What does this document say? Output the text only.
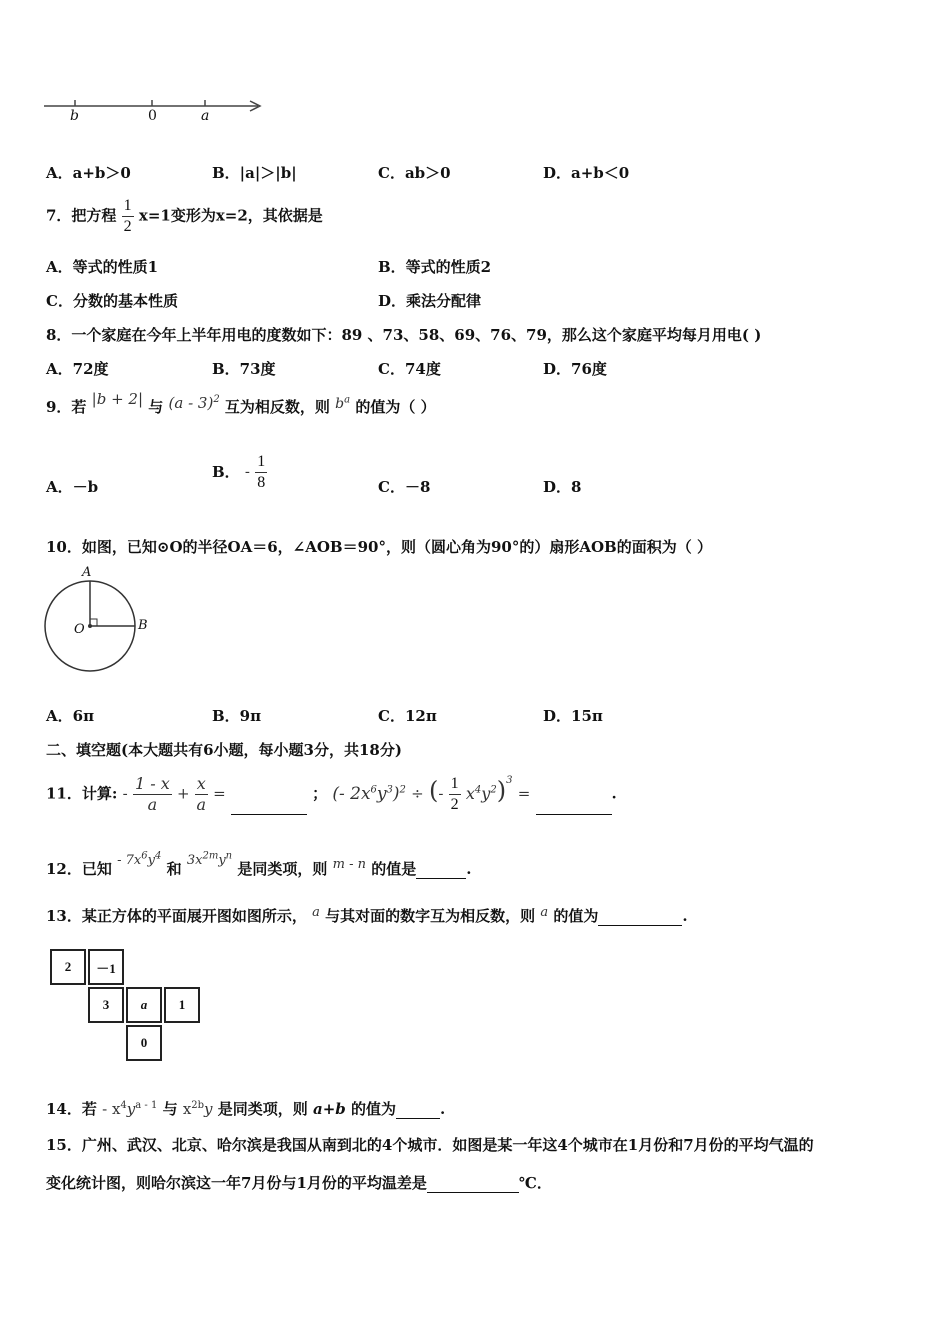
b	0	a
A．a+b＞0	B．|a|＞|b|	C．ab＞0	D．a+b＜0
7．把方程 $\frac{1}{2} x=1$变形为x=2，其依据是
A．等式的性质1	B．等式的性质2
C．分数的基本性质	D．乘法分配律
8．一个家庭在今年上半年用电的度数如下：89 、73、58、69、76、79，那么这个家庭平均每月用电( )
A．72度	B．73度	C．74度	D．76度
9．若 |b + 2| 与 (a - 3)$^2$ 互为相反数，则 $b^a$ 的值为（ ）
A．－b
B． - $\frac{1}{8}$	C．－8	D．8
10．如图，已知⊙O的半径OA＝6，∠AOB＝90°，则（圆心角为90°的）扇形AOB的面积为（ ）
A
O	B
A．6π	B．9π	C．12π	D．15π
二、填空题(本大题共有6小题，每小题3分，共18分)
11．计算: - $\frac{1 - x}{a} + \frac{x}{a}$ =	； (- $2x^6y^3)^2$ ÷ (- $\frac{1}{2} x^4y^2)^3$ =	.
12．已知 - $7x^6y^4$ 和 $3x^{2m}y^n$ 是同类项，则 m - n 的值是	.
13．某正方体的平面展开图如图所示， a 与其对面的数字互为相反数，则 a 的值为	.
2	－1
3	a	1
0
14．若 - $x^4y^{a - 1}$ 与 $x^{2b}y$ 是同类项，则 a+b 的值为	.
15．广州、武汉、北京、哈尔滨是我国从南到北的4个城市．如图是某一年这4个城市在1月份和7月份的平均气温的
变化统计图，则哈尔滨这一年7月份与1月份的平均温差是	℃．
